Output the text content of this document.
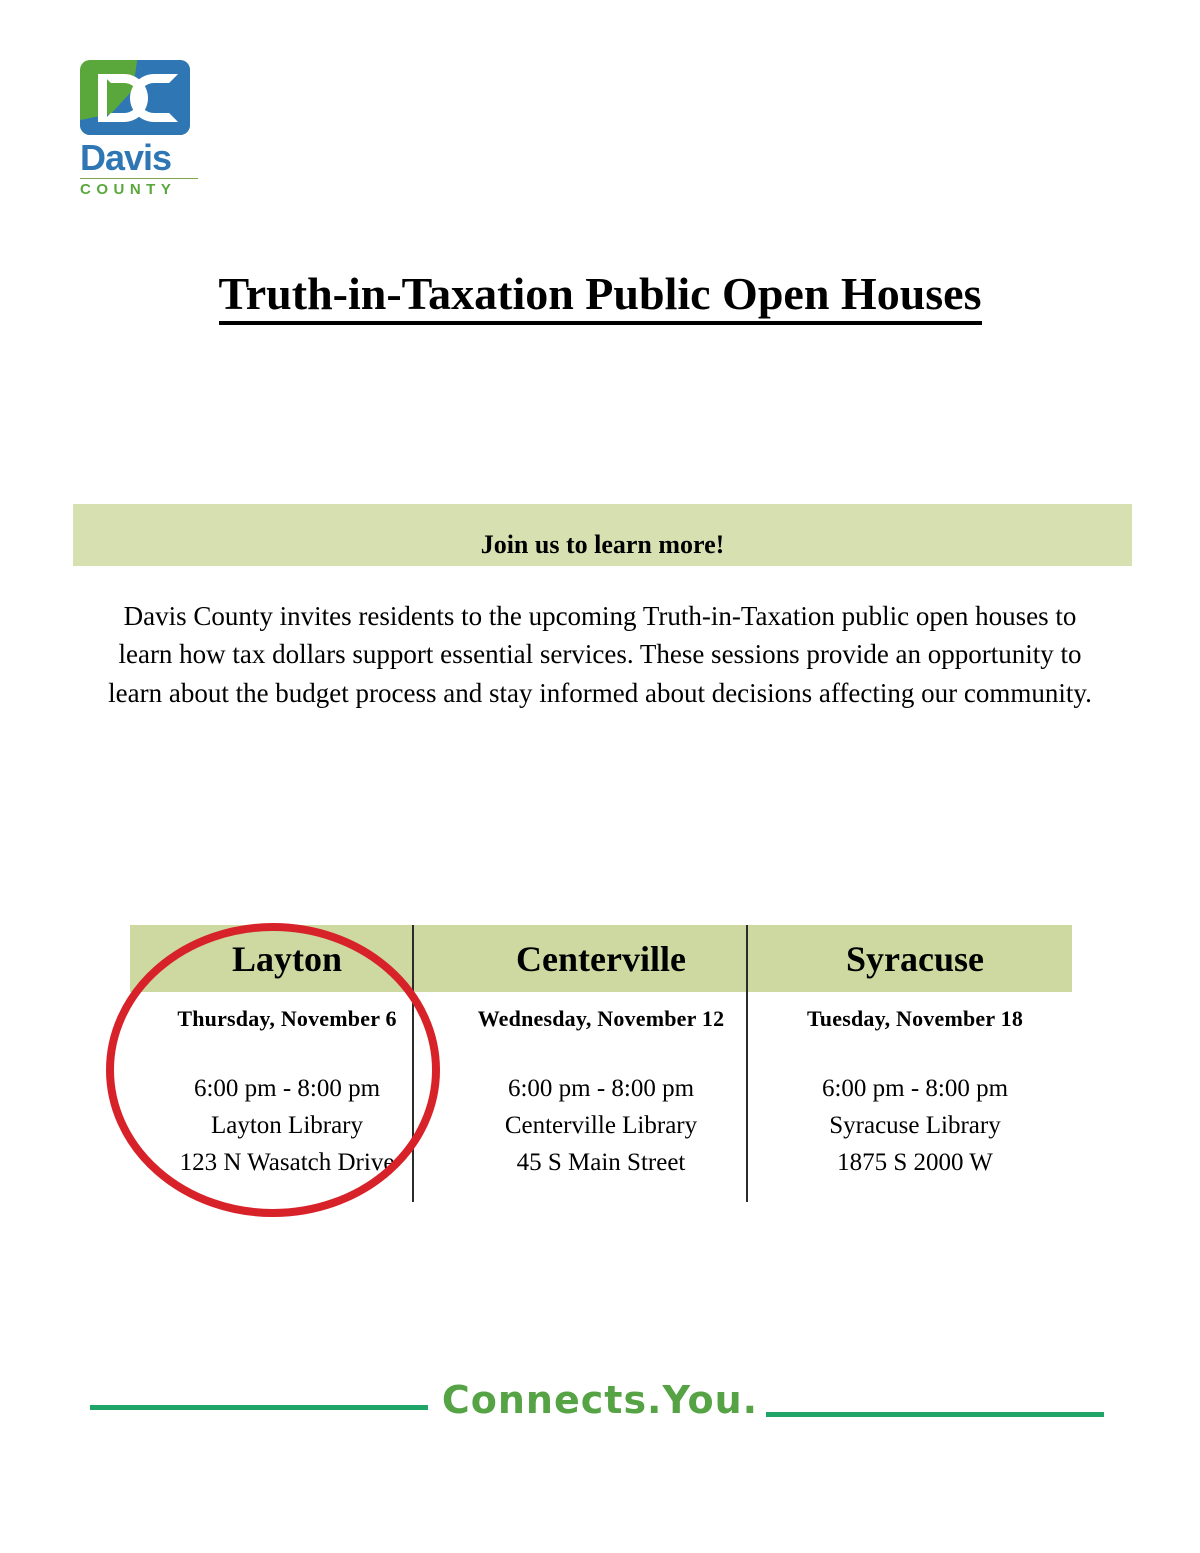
Davis
COUNTY
Truth-in-Taxation Public Open Houses
Join us to learn more!

Davis County invites residents to the upcoming Truth-in-Taxation public open houses to learn how tax dollars support essential services. These sessions provide an opportunity to learn about the budget process and stay informed about decisions affecting our community.

Layton	Centerville	Syracuse
Thursday, November 6
6:00 pm - 8:00 pm
Layton Library
123 N Wasatch Drive
Wednesday, November 12
6:00 pm - 8:00 pm
Centerville Library
45 S Main Street
Tuesday, November 18
6:00 pm - 8:00 pm
Syracuse Library
1875 S 2000 W
Connects.You.
